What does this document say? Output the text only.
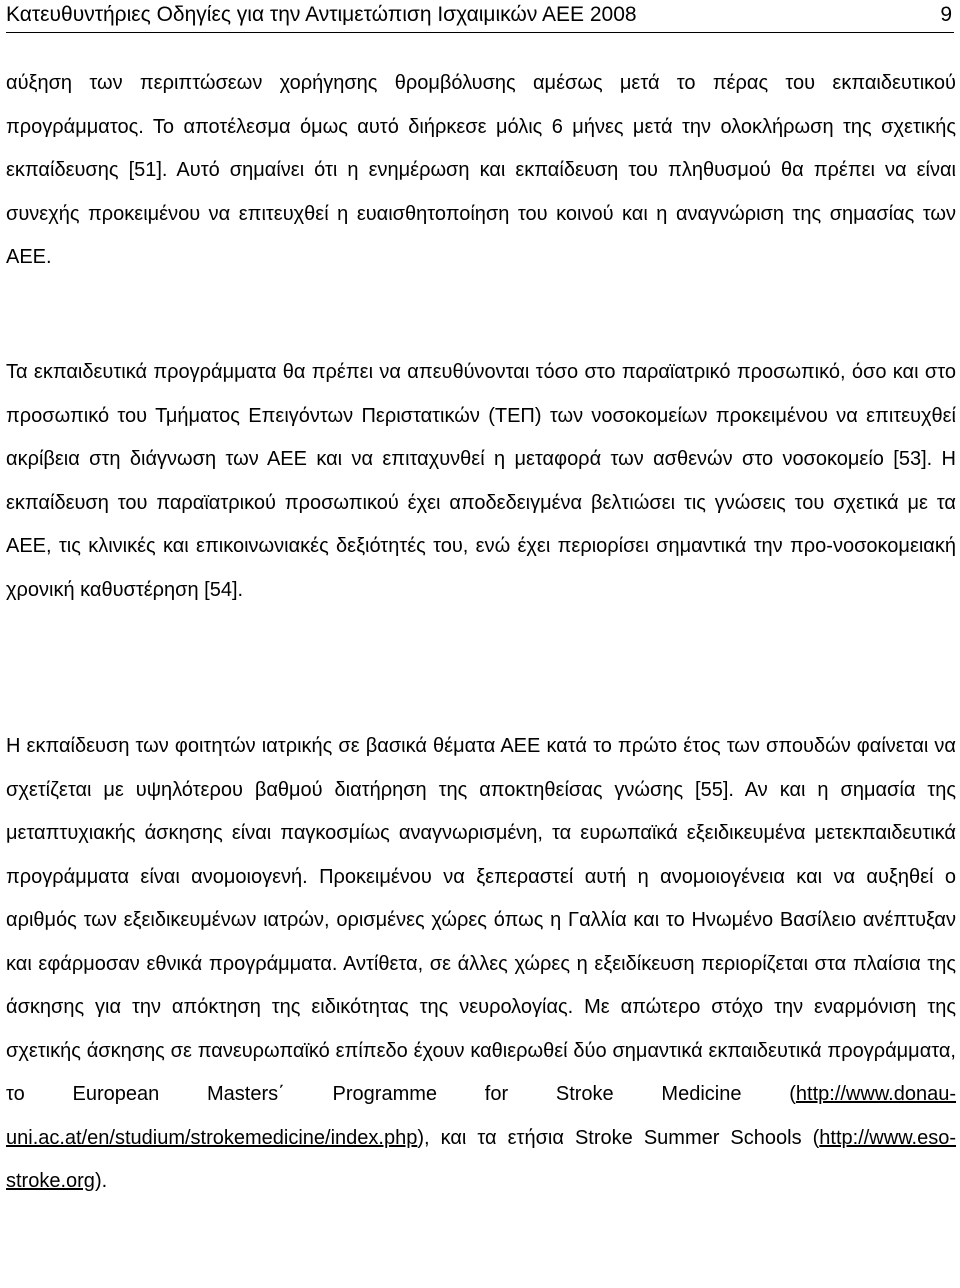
Κατευθυντήριες Οδηγίες για την Αντιμετώπιση Ισχαιμικών ΑΕΕ 2008	9

αύξηση των περιπτώσεων χορήγησης θρομβόλυσης αμέσως μετά το πέρας του εκπαιδευτικού προγράμματος. Το αποτέλεσμα όμως αυτό διήρκεσε μόλις 6 μήνες μετά την ολοκλήρωση της σχετικής εκπαίδευσης [51]. Αυτό σημαίνει ότι η ενημέρωση και εκπαίδευση του πληθυσμού θα πρέπει να είναι συνεχής προκειμένου να επιτευχθεί η ευαισθητοποίηση του κοινού και η αναγνώριση της σημασίας των ΑΕΕ.

Τα εκπαιδευτικά προγράμματα θα πρέπει να απευθύνονται τόσο στο παραϊατρικό προσωπικό, όσο και στο προσωπικό του Τμήματος Επειγόντων Περιστατικών (ΤΕΠ) των νοσοκομείων προκειμένου να επιτευχθεί ακρίβεια στη διάγνωση των ΑΕΕ και να επιταχυνθεί η μεταφορά των ασθενών στο νοσοκομείο [53]. Η εκπαίδευση του παραϊατρικού προσωπικού έχει αποδεδειγμένα βελτιώσει τις γνώσεις του σχετικά με τα ΑΕΕ, τις κλινικές και επικοινωνιακές δεξιότητές του, ενώ έχει περιορίσει σημαντικά την προ-νοσοκομειακή χρονική καθυστέρηση [54].

Η εκπαίδευση των φοιτητών ιατρικής σε βασικά θέματα ΑΕΕ κατά το πρώτο έτος των σπουδών φαίνεται να σχετίζεται με υψηλότερου βαθμού διατήρηση της αποκτηθείσας γνώσης [55]. Αν και η σημασία της μεταπτυχιακής άσκησης είναι παγκοσμίως αναγνωρισμένη, τα ευρωπαϊκά εξειδικευμένα μετεκπαιδευτικά προγράμματα είναι ανομοιογενή. Προκειμένου να ξεπεραστεί αυτή η ανομοιογένεια και να αυξηθεί ο αριθμός των εξειδικευμένων ιατρών, ορισμένες χώρες όπως η Γαλλία και το Ηνωμένο Βασίλειο ανέπτυξαν και εφάρμοσαν εθνικά προγράμματα. Αντίθετα, σε άλλες χώρες η εξειδίκευση περιορίζεται στα πλαίσια της άσκησης για την απόκτηση της ειδικότητας της νευρολογίας. Με απώτερο στόχο την εναρμόνιση της σχετικής άσκησης σε πανευρωπαϊκό επίπεδο έχουν καθιερωθεί δύο σημαντικά εκπαιδευτικά προγράμματα, το European Masters΄ Programme for Stroke Medicine (http://www.donau-uni.ac.at/en/studium/strokemedicine/index.php), και τα ετήσια Stroke Summer Schools (http://www.eso-stroke.org).
